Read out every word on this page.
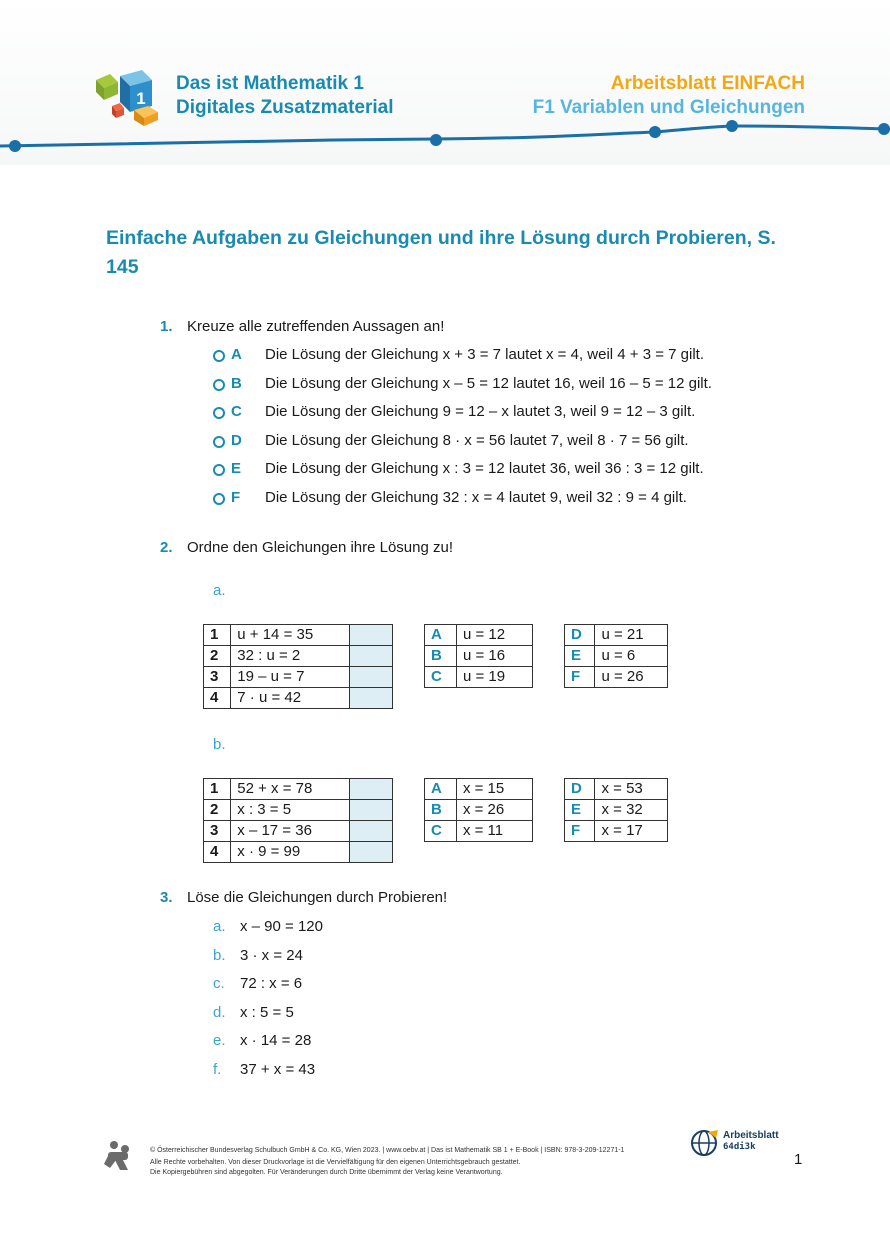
1
Das ist Mathematik 1
Digitales Zusatzmaterial
Arbeitsblatt EINFACH
F1 Variablen und Gleichungen
Einfache Aufgaben zu Gleichungen und ihre Lösung durch Probieren, S. 145
1. Kreuze alle zutreffenden Aussagen an!
A Die Lösung der Gleichung x + 3 = 7 lautet x = 4, weil 4 + 3 = 7 gilt.
B Die Lösung der Gleichung x – 5 = 12 lautet 16, weil 16 – 5 = 12 gilt.
C Die Lösung der Gleichung 9 = 12 – x lautet 3, weil 9 = 12 – 3 gilt.
D Die Lösung der Gleichung 8 · x = 56 lautet 7, weil 8 · 7 = 56 gilt.
E Die Lösung der Gleichung x : 3 = 12 lautet 36, weil 36 : 3 = 12 gilt.
F Die Lösung der Gleichung 32 : x = 4 lautet 9, weil 32 : 9 = 4 gilt.
2. Ordne den Gleichungen ihre Lösung zu!
a.
1	u + 14 = 35	
2	32 : u = 2	
3	19 – u = 7	
4	7 · u = 42	
A	u = 12
B	u = 16
C	u = 19
D	u = 21
E	u = 6
F	u = 26
b.
1	52 + x = 78	
2	x : 3 = 5	
3	x – 17 = 36	
4	x · 9 = 99	
A	x = 15
B	x = 26
C	x = 11
D	x = 53
E	x = 32
F	x = 17
3. Löse die Gleichungen durch Probieren!
a. x – 90 = 120
b. 3 · x = 24
c. 72 : x = 6
d. x : 5 = 5
e. x · 14 = 28
f. 37 + x = 43
© Österreichischer Bundesverlag Schulbuch GmbH & Co. KG, Wien 2023. | www.oebv.at | Das ist Mathematik SB 1 + E-Book | ISBN: 978-3-209-12271-1
Alle Rechte vorbehalten. Von dieser Druckvorlage ist die Vervielfältigung für den eigenen Unterrichtsgebrauch gestattet.
Die Kopiergebühren sind abgegolten. Für Veränderungen durch Dritte übernimmt der Verlag keine Verantwortung.
Arbeitsblatt
64di3k
1
